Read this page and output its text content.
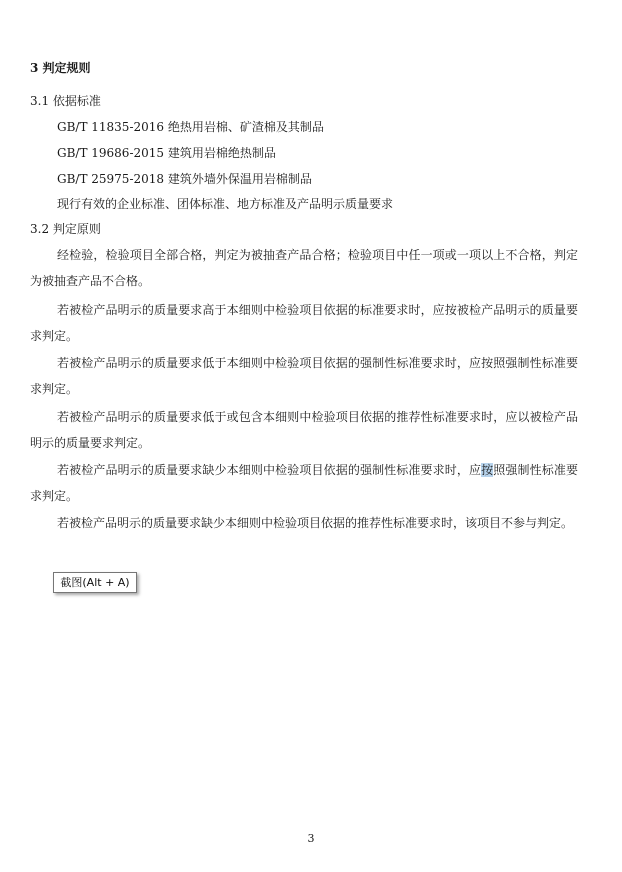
3 判定规则
3.1 依据标准
GB/T 11835-2016 绝热用岩棉、矿渣棉及其制品
GB/T 19686-2015 建筑用岩棉绝热制品
GB/T 25975-2018 建筑外墙外保温用岩棉制品
现行有效的企业标准、团体标准、地方标准及产品明示质量要求
3.2 判定原则
经检验，检验项目全部合格，判定为被抽查产品合格；检验项目中任一项或一项以上不合格，判定为被抽查产品不合格。
若被检产品明示的质量要求高于本细则中检验项目依据的标准要求时，应按被检产品明示的质量要求判定。
若被检产品明示的质量要求低于本细则中检验项目依据的强制性标准要求时，应按照强制性标准要求判定。
若被检产品明示的质量要求低于或包含本细则中检验项目依据的推荐性标准要求时，应以被检产品明示的质量要求判定。
若被检产品明示的质量要求缺少本细则中检验项目依据的强制性标准要求时，应按照强制性标准要求判定。
若被检产品明示的质量要求缺少本细则中检验项目依据的推荐性标准要求时，该项目不参与判定。
截图(Alt + A)
3
